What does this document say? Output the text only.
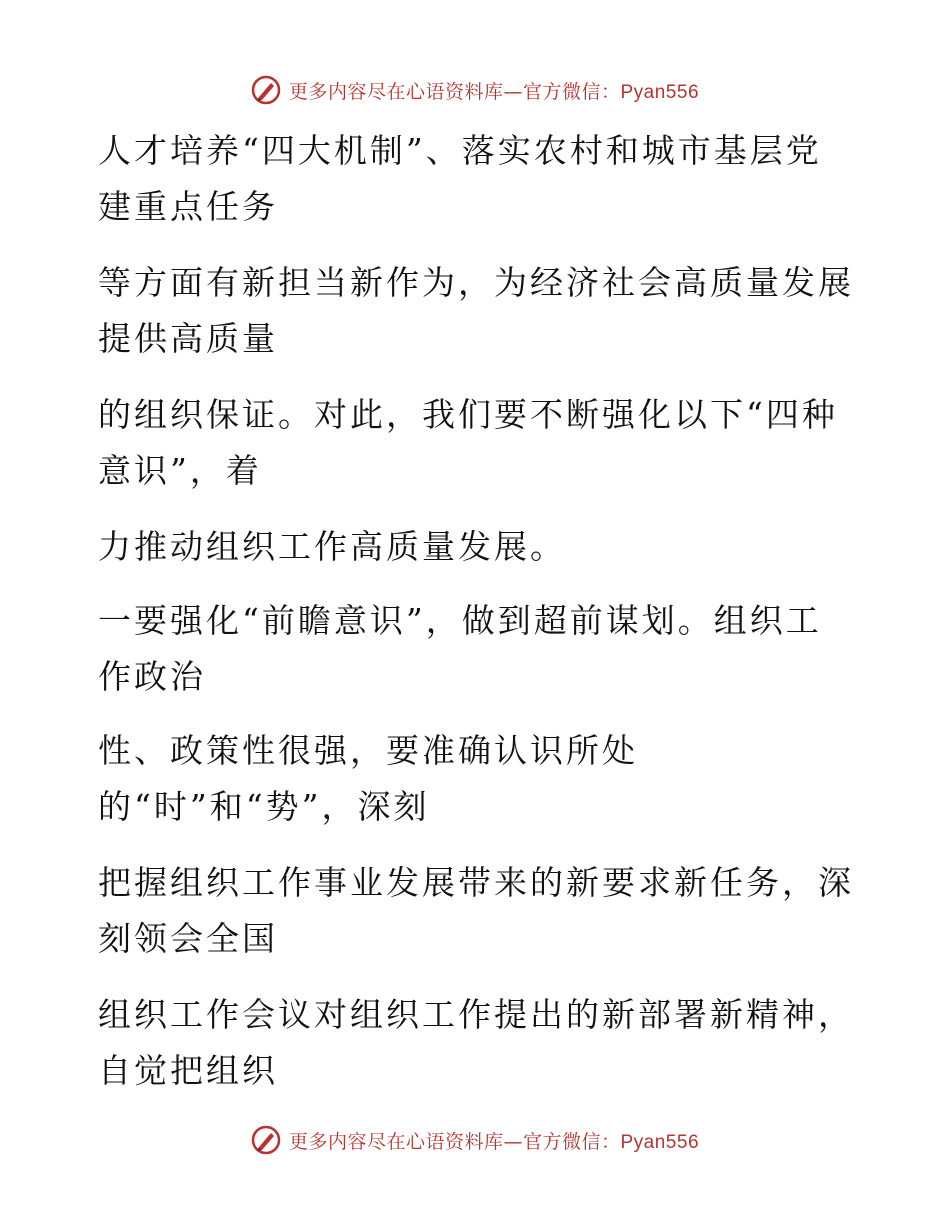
更多内容尽在心语资料库—官方微信：Pyan556
人才培养“四大机制”、落实农村和城市基层党
建重点任务
等方面有新担当新作为，为经济社会高质量发展
提供高质量
的组织保证。对此，我们要不断强化以下“四种
意识”，着
力推动组织工作高质量发展。
一要强化“前瞻意识”，做到超前谋划。组织工
作政治
性、政策性很强，要准确认识所处
的“时”和“势”，深刻
把握组织工作事业发展带来的新要求新任务，深
刻领会全国
组织工作会议对组织工作提出的新部署新精神，
自觉把组织
更多内容尽在心语资料库—官方微信：Pyan556
